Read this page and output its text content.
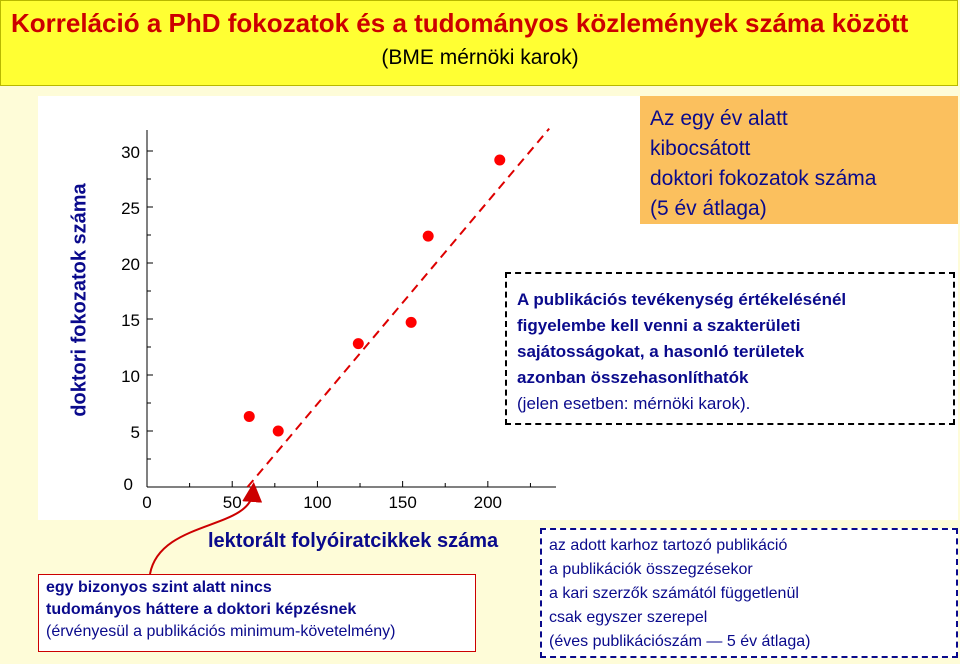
Korreláció a PhD fokozatok és a tudományos közlemények száma között
(BME mérnöki karok)
0
5
10
15
20
25
30
0	50	100	150	200
doktori fokozatok száma
lektorált folyóiratcikkek száma
Az egy év alatt
kibocsátott
doktori fokozatok száma
(5 év átlaga)
A publikációs tevékenység értékelésénél
figyelembe kell venni a szakterületi
sajátosságokat, a hasonló területek
azonban összehasonlíthatók
(jelen esetben: mérnöki karok).
egy bizonyos szint alatt nincs
tudományos háttere a doktori képzésnek
(érvényesül a publikációs minimum-követelmény)
az adott karhoz tartozó publikáció
a publikációk összegzésekor
a kari szerzők számától függetlenül
csak egyszer szerepel
(éves publikációszám — 5 év átlaga)
